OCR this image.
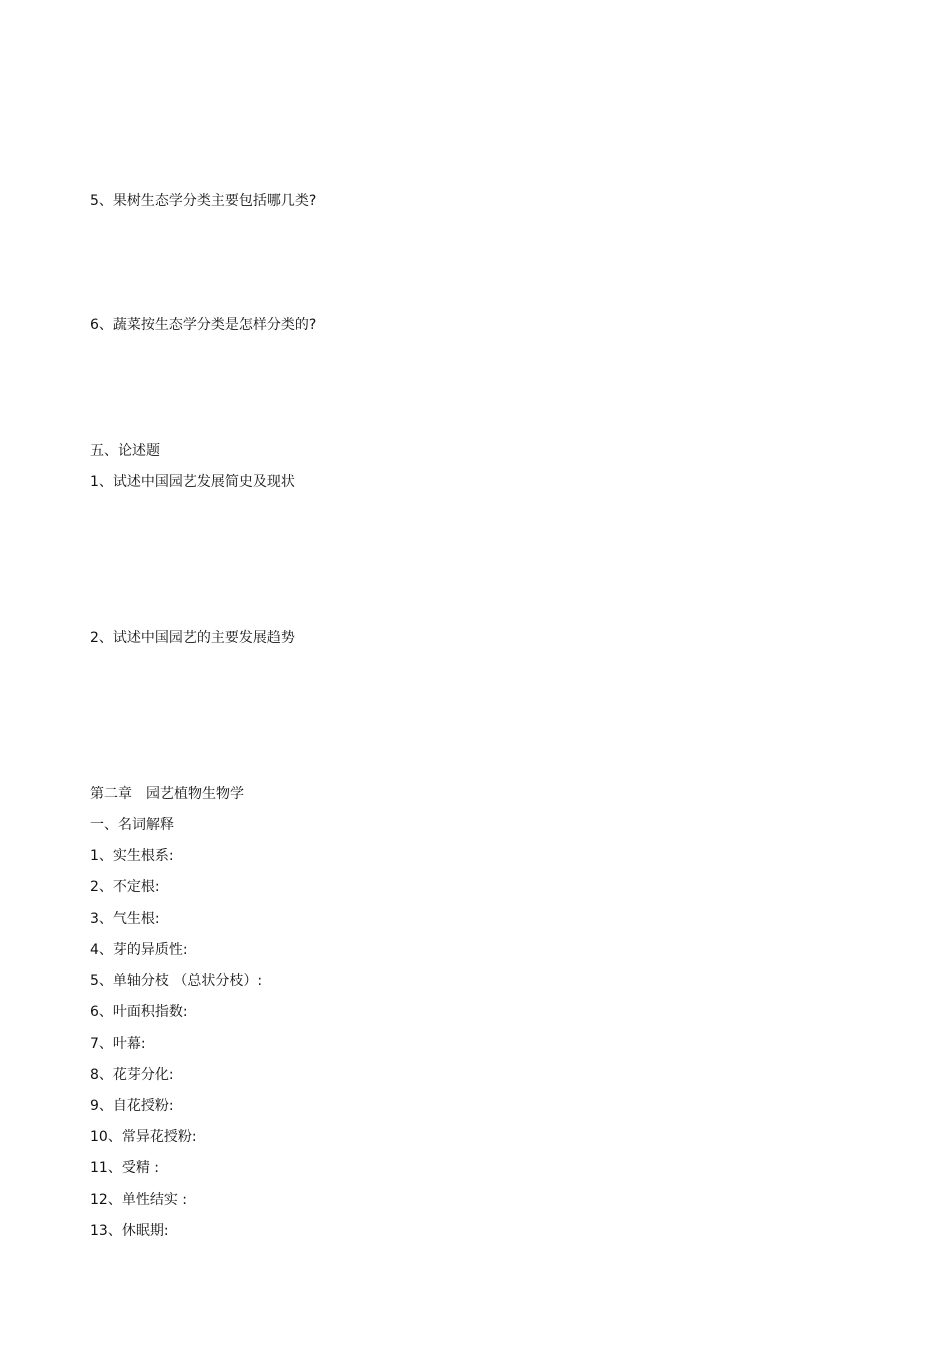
5、果树生态学分类主要包括哪几类?

6、蔬菜按生态学分类是怎样分类的?

五、论述题

1、试述中国园艺发展简史及现状

2、试述中国园艺的主要发展趋势

第二章　园艺植物生物学

一、名词解释

1、实生根系:

2、不定根:

3、气生根:

4、芽的异质性:

5、单轴分枝 （总状分枝）:

6、叶面积指数:

7、叶幕:

8、花芽分化:

9、自花授粉:

10、常异花授粉:

11、受精 :

12、单性结实 :

13、休眠期:
